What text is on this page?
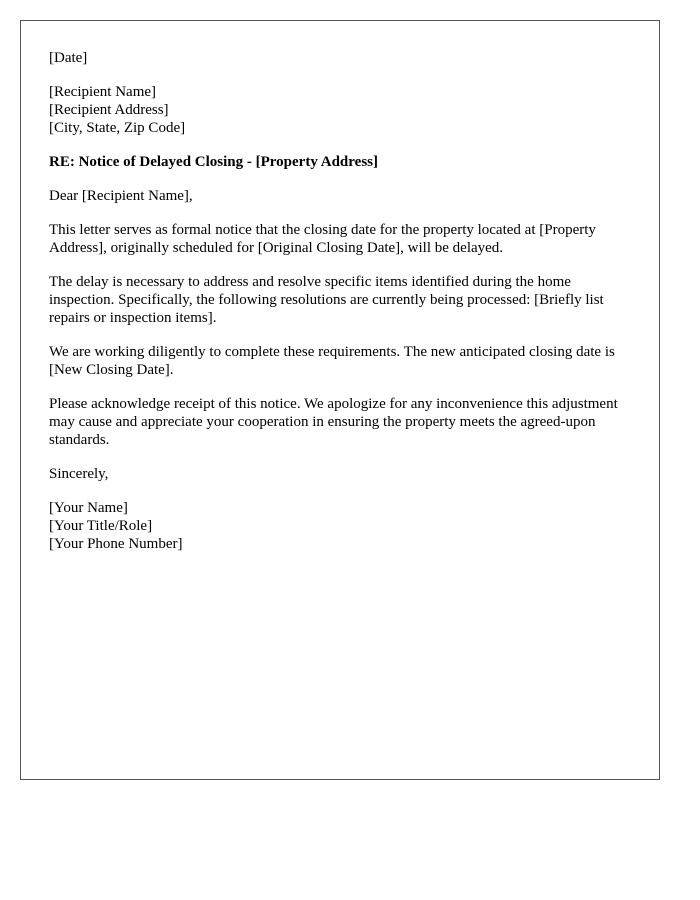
[Date]
[Recipient Name]
[Recipient Address]
[City, State, Zip Code]
RE: Notice of Delayed Closing - [Property Address]
Dear [Recipient Name],

This letter serves as formal notice that the closing date for the property located at [Property Address], originally scheduled for [Original Closing Date], will be delayed.

The delay is necessary to address and resolve specific items identified during the home inspection. Specifically, the following resolutions are currently being processed: [Briefly list repairs or inspection items].

We are working diligently to complete these requirements. The new anticipated closing date is [New Closing Date].

Please acknowledge receipt of this notice. We apologize for any inconvenience this adjustment may cause and appreciate your cooperation in ensuring the property meets the agreed-upon standards.

Sincerely,
[Your Name]
[Your Title/Role]
[Your Phone Number]
